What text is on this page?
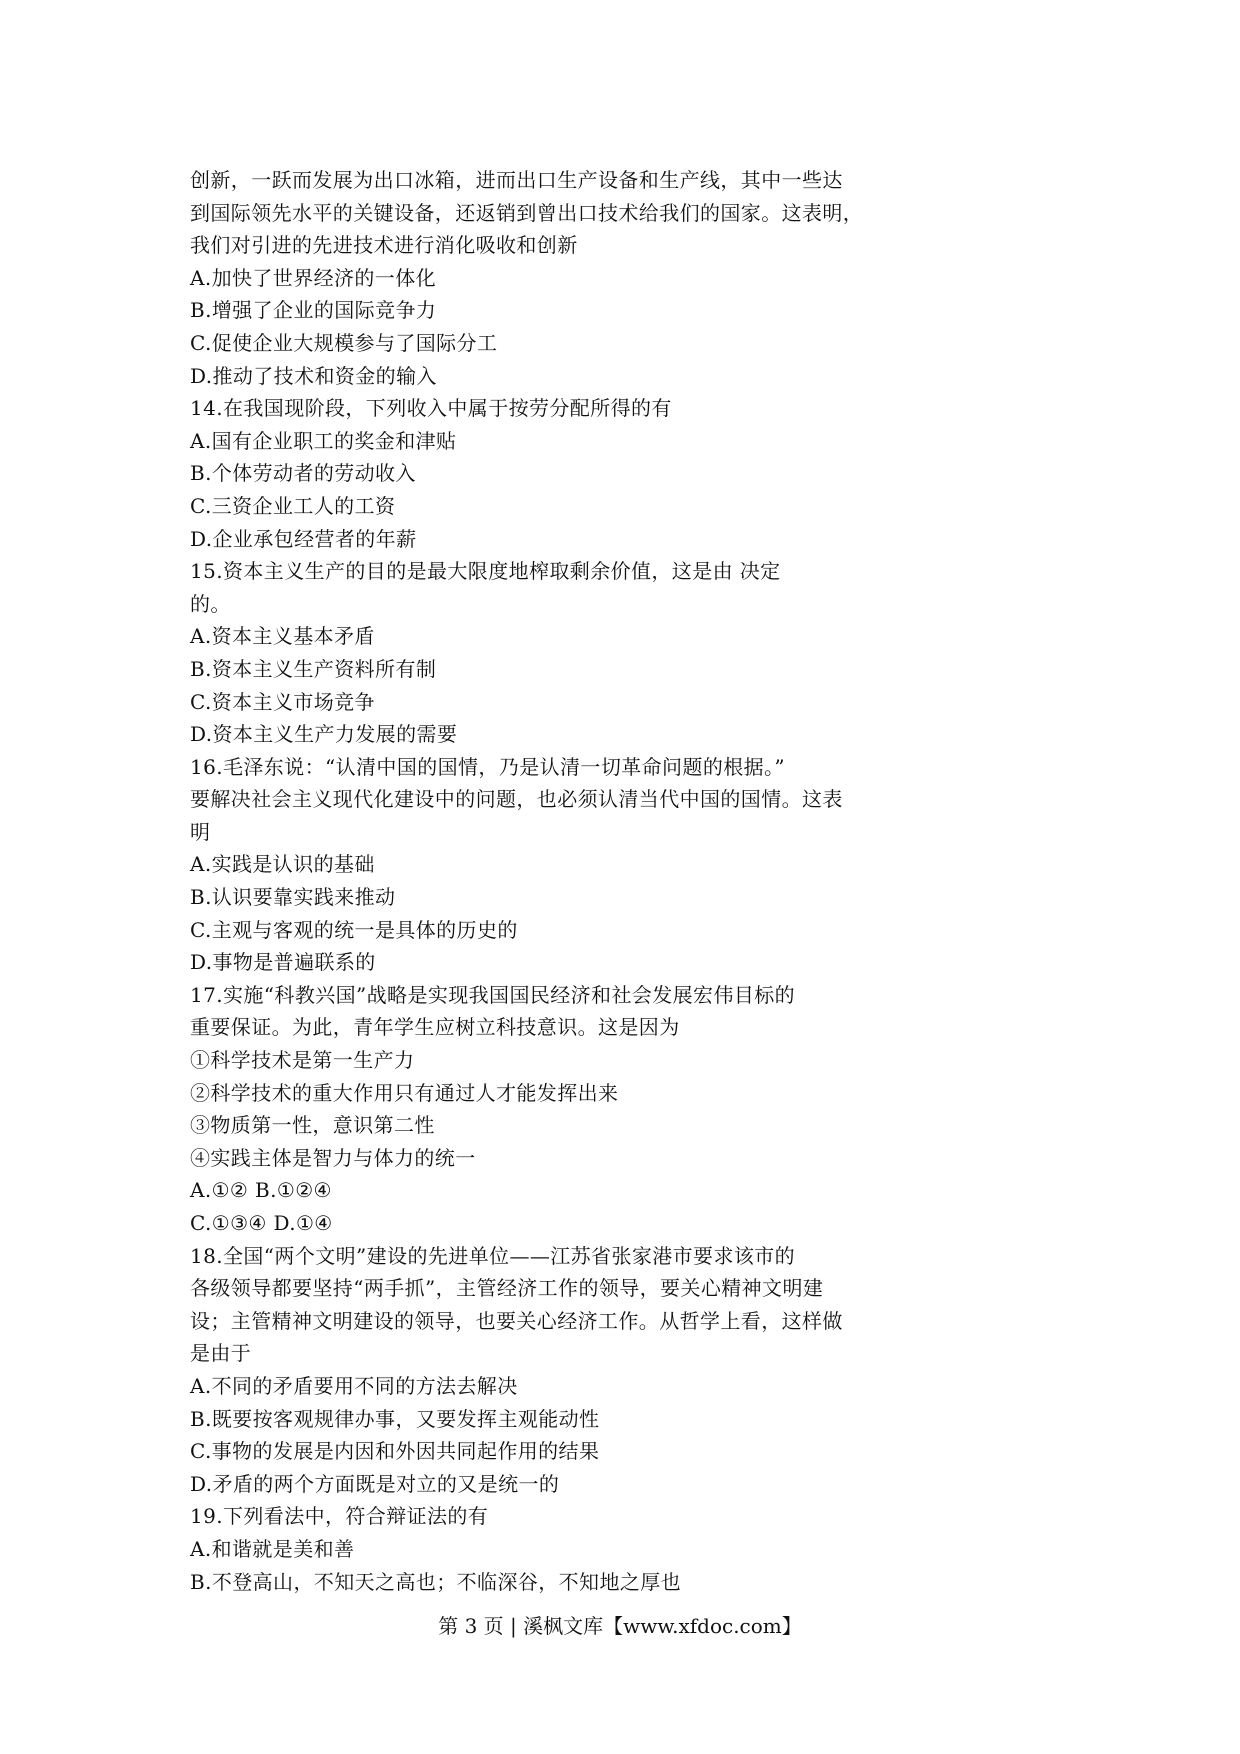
创新，一跃而发展为出口冰箱，进而出口生产设备和生产线，其中一些达
到国际领先水平的关键设备，还返销到曾出口技术给我们的国家。这表明，
我们对引进的先进技术进行消化吸收和创新
A.加快了世界经济的一体化
B.增强了企业的国际竞争力
C.促使企业大规模参与了国际分工
D.推动了技术和资金的输入
14.在我国现阶段，下列收入中属于按劳分配所得的有
A.国有企业职工的奖金和津贴
B.个体劳动者的劳动收入
C.三资企业工人的工资
D.企业承包经营者的年薪
15.资本主义生产的目的是最大限度地榨取剩余价值，这是由 决定
的。
A.资本主义基本矛盾
B.资本主义生产资料所有制
C.资本主义市场竞争
D.资本主义生产力发展的需要
16.毛泽东说：“认清中国的国情，乃是认清一切革命问题的根据。”
要解决社会主义现代化建设中的问题，也必须认清当代中国的国情。这表
明
A.实践是认识的基础
B.认识要靠实践来推动
C.主观与客观的统一是具体的历史的
D.事物是普遍联系的
17.实施“科教兴国”战略是实现我国国民经济和社会发展宏伟目标的
重要保证。为此，青年学生应树立科技意识。这是因为
①科学技术是第一生产力
②科学技术的重大作用只有通过人才能发挥出来
③物质第一性，意识第二性
④实践主体是智力与体力的统一
A.①② B.①②④
C.①③④ D.①④
18.全国“两个文明”建设的先进单位——江苏省张家港市要求该市的
各级领导都要坚持“两手抓”，主管经济工作的领导，要关心精神文明建
设；主管精神文明建设的领导，也要关心经济工作。从哲学上看，这样做
是由于
A.不同的矛盾要用不同的方法去解决
B.既要按客观规律办事，又要发挥主观能动性
C.事物的发展是内因和外因共同起作用的结果
D.矛盾的两个方面既是对立的又是统一的
19.下列看法中，符合辩证法的有
A.和谐就是美和善
B.不登高山，不知天之高也；不临深谷，不知地之厚也
第 3 页 | 溪枫文库【www.xfdoc.com】
